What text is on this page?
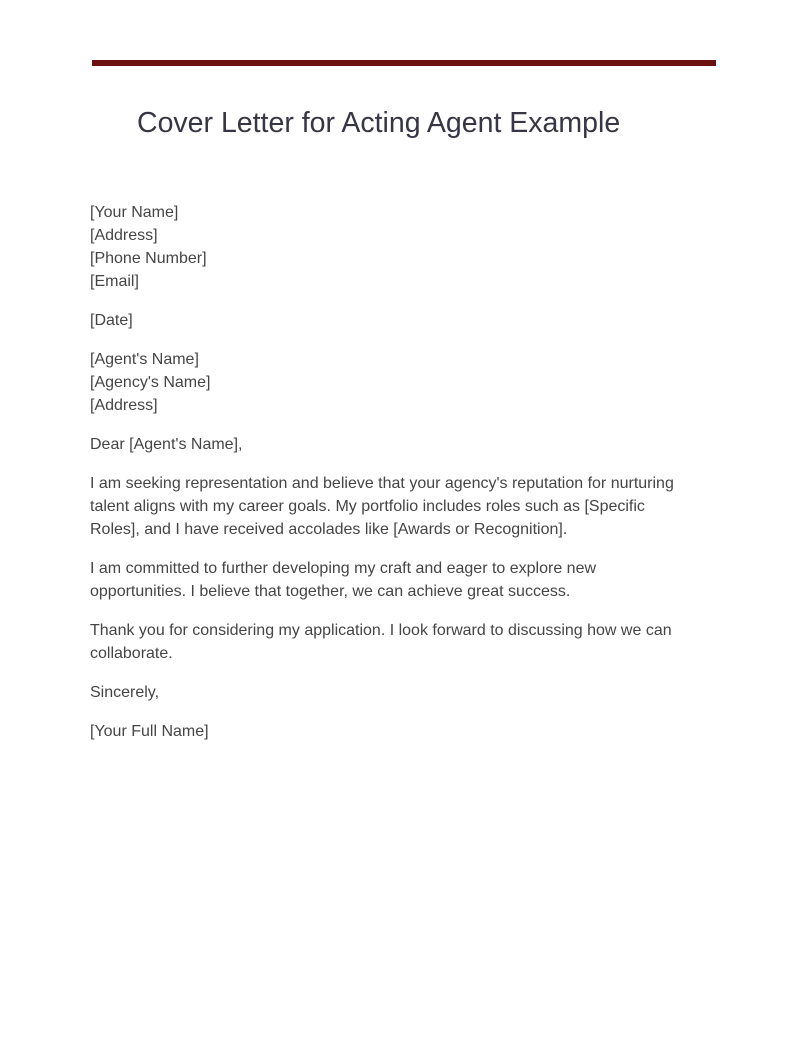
Cover Letter for Acting Agent Example
[Your Name]
[Address]
[Phone Number]
[Email]
[Date]
[Agent's Name]
[Agency's Name]
[Address]

Dear [Agent's Name],

I am seeking representation and believe that your agency's reputation for nurturing talent aligns with my career goals. My portfolio includes roles such as [Specific Roles], and I have received accolades like [Awards or Recognition].

I am committed to further developing my craft and eager to explore new opportunities. I believe that together, we can achieve great success.

Thank you for considering my application. I look forward to discussing how we can collaborate.

Sincerely,

[Your Full Name]
